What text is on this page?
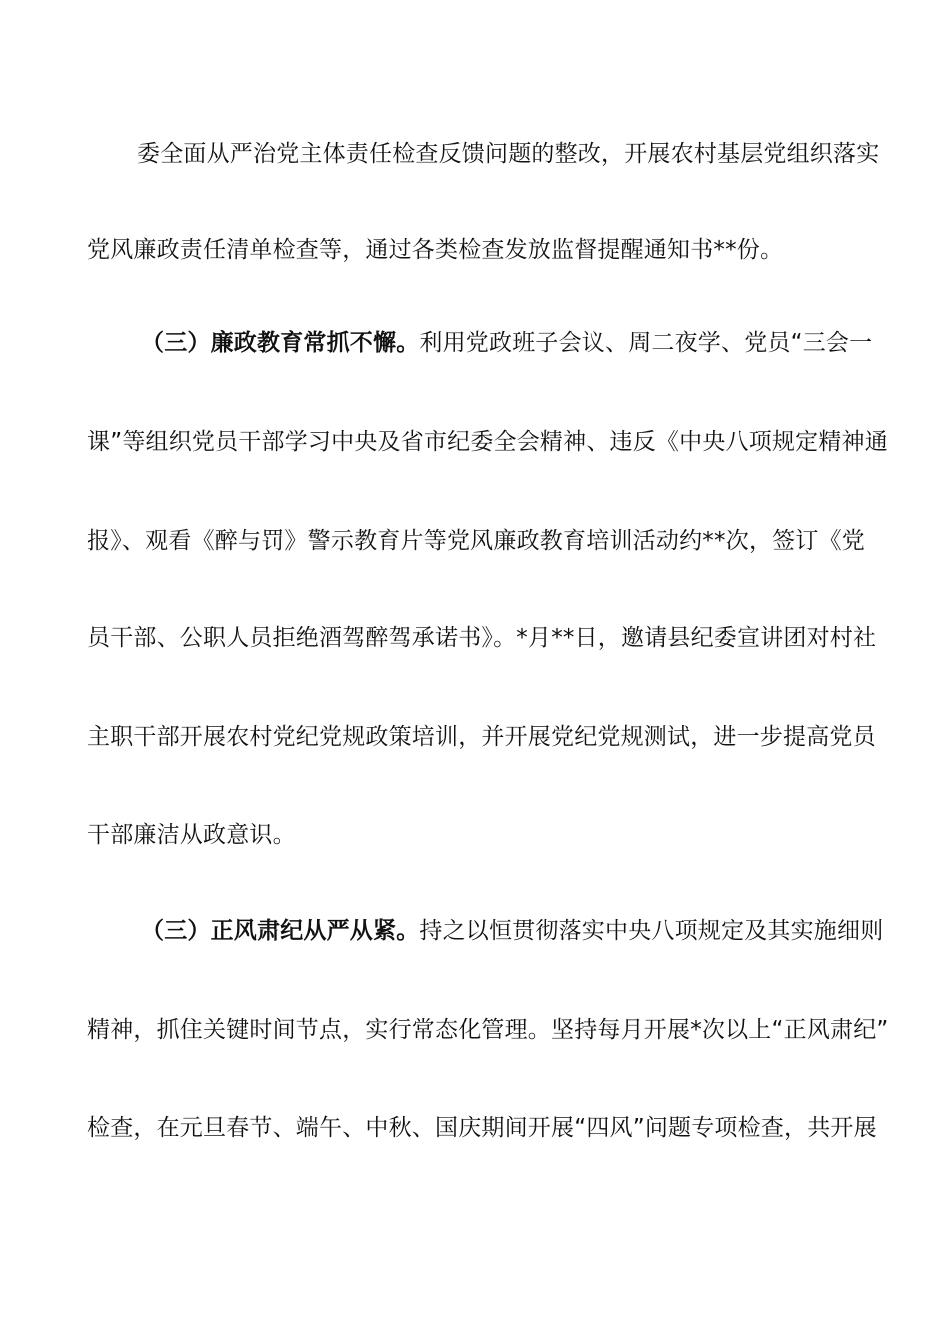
委全面从严治党主体责任检查反馈问题的整改，开展农村基层党组织落实
党风廉政责任清单检查等，通过各类检查发放监督提醒通知书**份。
（三）廉政教育常抓不懈。利用党政班子会议、周二夜学、党员“三会一
课”等组织党员干部学习中央及省市纪委全会精神、违反《中央八项规定精神通
报》、观看《醉与罚》警示教育片等党风廉政教育培训活动约**次，签订《党
员干部、公职人员拒绝酒驾醉驾承诺书》。*月**日，邀请县纪委宣讲团对村社
主职干部开展农村党纪党规政策培训，并开展党纪党规测试，进一步提高党员
干部廉洁从政意识。
（三）正风肃纪从严从紧。持之以恒贯彻落实中央八项规定及其实施细则
精神，抓住关键时间节点，实行常态化管理。坚持每月开展*次以上“正风肃纪”
检查，在元旦春节、端午、中秋、国庆期间开展“四风”问题专项检查，共开展
